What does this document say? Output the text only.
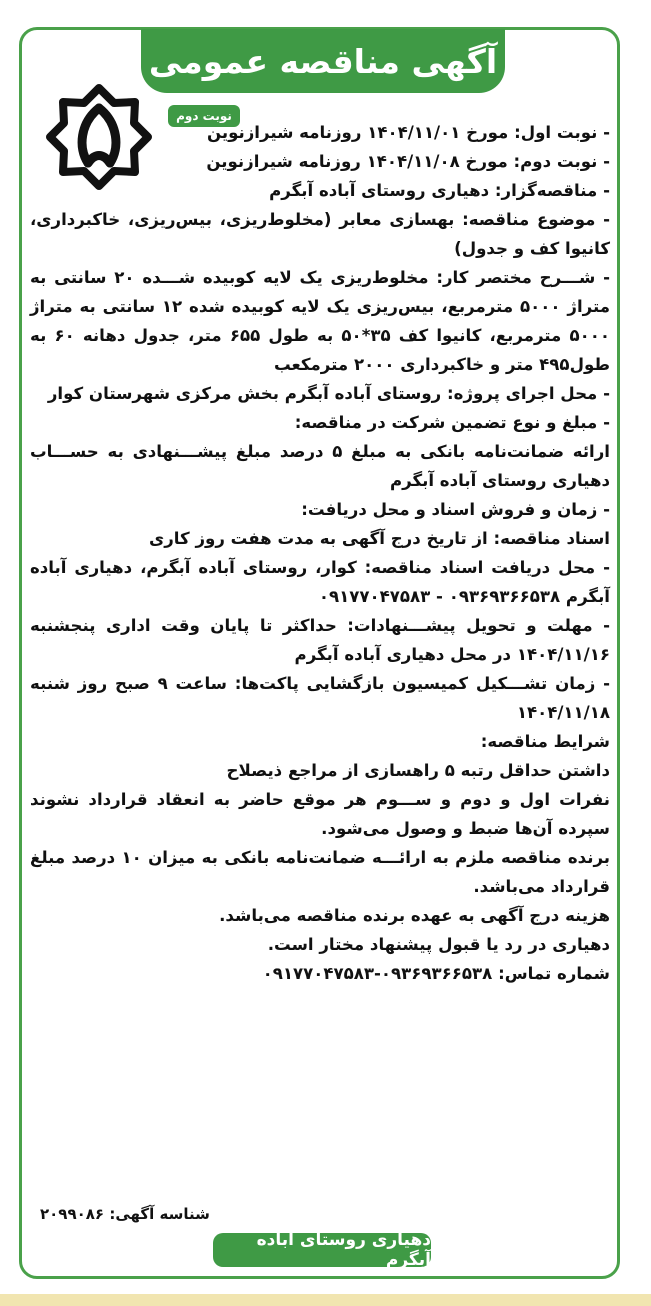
آگهی مناقصه عمومی
نوبت دوم

- نوبت اول: مورخ ۱۴۰۴/۱۱/۰۱ روزنامه شیرازنوین

- نوبت دوم: مورخ ۱۴۰۴/۱۱/۰۸ روزنامه شیرازنوین

- مناقصه‌گزار: دهیاری روستای آباده آبگرم

- موضوع مناقصه: بهسازی معابر (مخلوط‌ریزی، بیس‌ریزی، خاکبرداری، کانیوا کف و جدول)

- شـــرح مختصر کار: مخلوط‌ریزی یک لایه کوبیده شـــده ۲۰ سانتی به متراژ ۵۰۰۰ مترمربع، بیس‌ریزی یک لایه کوبیده شده ۱۲ سانتی به متراژ ۵۰۰۰ مترمربع، کانیوا کف ۳۵*۵۰ به طول ۶۵۵ متر، جدول دهانه ۶۰ به طول۴۹۵ متر و خاکبرداری ۲۰۰۰ مترمکعب

- محل اجرای پروژه: روستای آباده آبگرم بخش مرکزی شهرستان کوار

- مبلغ و نوع تضمین شرکت در مناقصه:

ارائه ضمانت‌نامه بانکی به مبلغ ۵ درصد مبلغ پیشـــنهادی به حســـاب دهیاری روستای آباده آبگرم

- زمان و فروش اسناد و محل دریافت:

اسناد مناقصه: از تاریخ درج آگهی به مدت هفت روز کاری

- محل دریافت اسناد مناقصه: کوار، روستای آباده آبگرم، دهیاری آباده آبگرم ۰۹۳۶۹۳۶۶۵۳۸ - ۰۹۱۷۷۰۴۷۵۸۳

- مهلت و تحویل پیشـــنهادات: حداکثر تا پایان وقت اداری پنجشنبه ۱۴۰۴/۱۱/۱۶ در محل دهیاری آباده آبگرم

- زمان تشـــکیل کمیسیون بازگشایی پاکت‌ها: ساعت ۹ صبح روز شنبه ۱۴۰۴/۱۱/۱۸

شرایط مناقصه:

داشتن حداقل رتبه ۵ راهسازی از مراجع ذیصلاح

نفرات اول و دوم و ســـوم هر موقع حاضر به انعقاد قرارداد نشوند سپرده آن‌ها ضبط و وصول می‌شود.

برنده مناقصه ملزم به ارائـــه ضمانت‌نامه بانکی به میزان ۱۰ درصد مبلغ قرارداد می‌باشد.

هزینه درج آگهی به عهده برنده مناقصه می‌باشد.

دهیاری در رد یا قبول پیشنهاد مختار است.

شماره تماس: ۰۹۳۶۹۳۶۶۵۳۸-۰۹۱۷۷۰۴۷۵۸۳

شناسه آگهی: ۲۰۹۹۰۸۶
دهیاری روستای آباده آبگرم
